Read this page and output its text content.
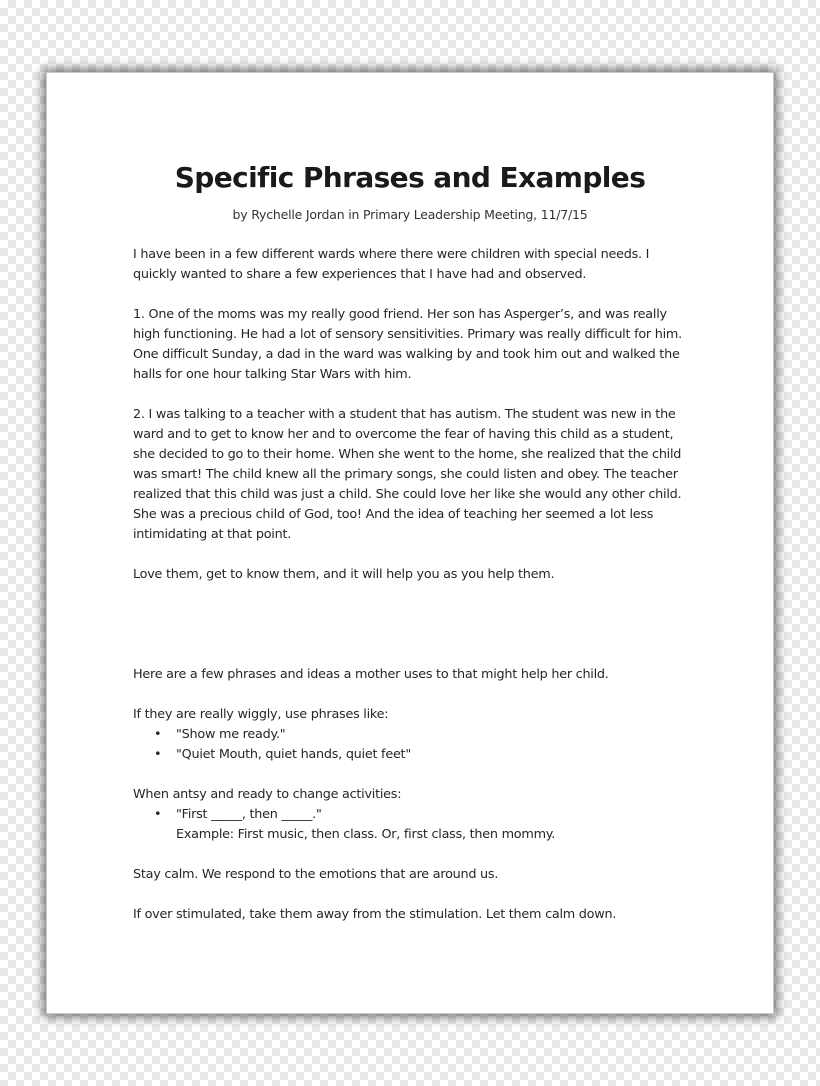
Specific Phrases and Examples
by Rychelle Jordan in Primary Leadership Meeting, 11/7/15

I have been in a few different wards where there were children with special needs. I quickly wanted to share a few experiences that I have had and observed.

1. One of the moms was my really good friend. Her son has Asperger’s, and was really high functioning. He had a lot of sensory sensitivities. Primary was really difficult for him. One difficult Sunday, a dad in the ward was walking by and took him out and walked the halls for one hour talking Star Wars with him.

2. I was talking to a teacher with a student that has autism. The student was new in the ward and to get to know her and to overcome the fear of having this child as a student, she decided to go to their home. When she went to the home, she realized that the child was smart! The child knew all the primary songs, she could listen and obey. The teacher realized that this child was just a child. She could love her like she would any other child. She was a precious child of God, too! And the idea of teaching her seemed a lot less intimidating at that point.

Love them, get to know them, and it will help you as you help them.

Here are a few phrases and ideas a mother uses to that might help her child.

If they are really wiggly, use phrases like:

• "Show me ready."
• "Quiet Mouth, quiet hands, quiet feet"

When antsy and ready to change activities:

• "First _____, then _____."

Example: First music, then class. Or, first class, then mommy.

Stay calm. We respond to the emotions that are around us.

If over stimulated, take them away from the stimulation. Let them calm down.
